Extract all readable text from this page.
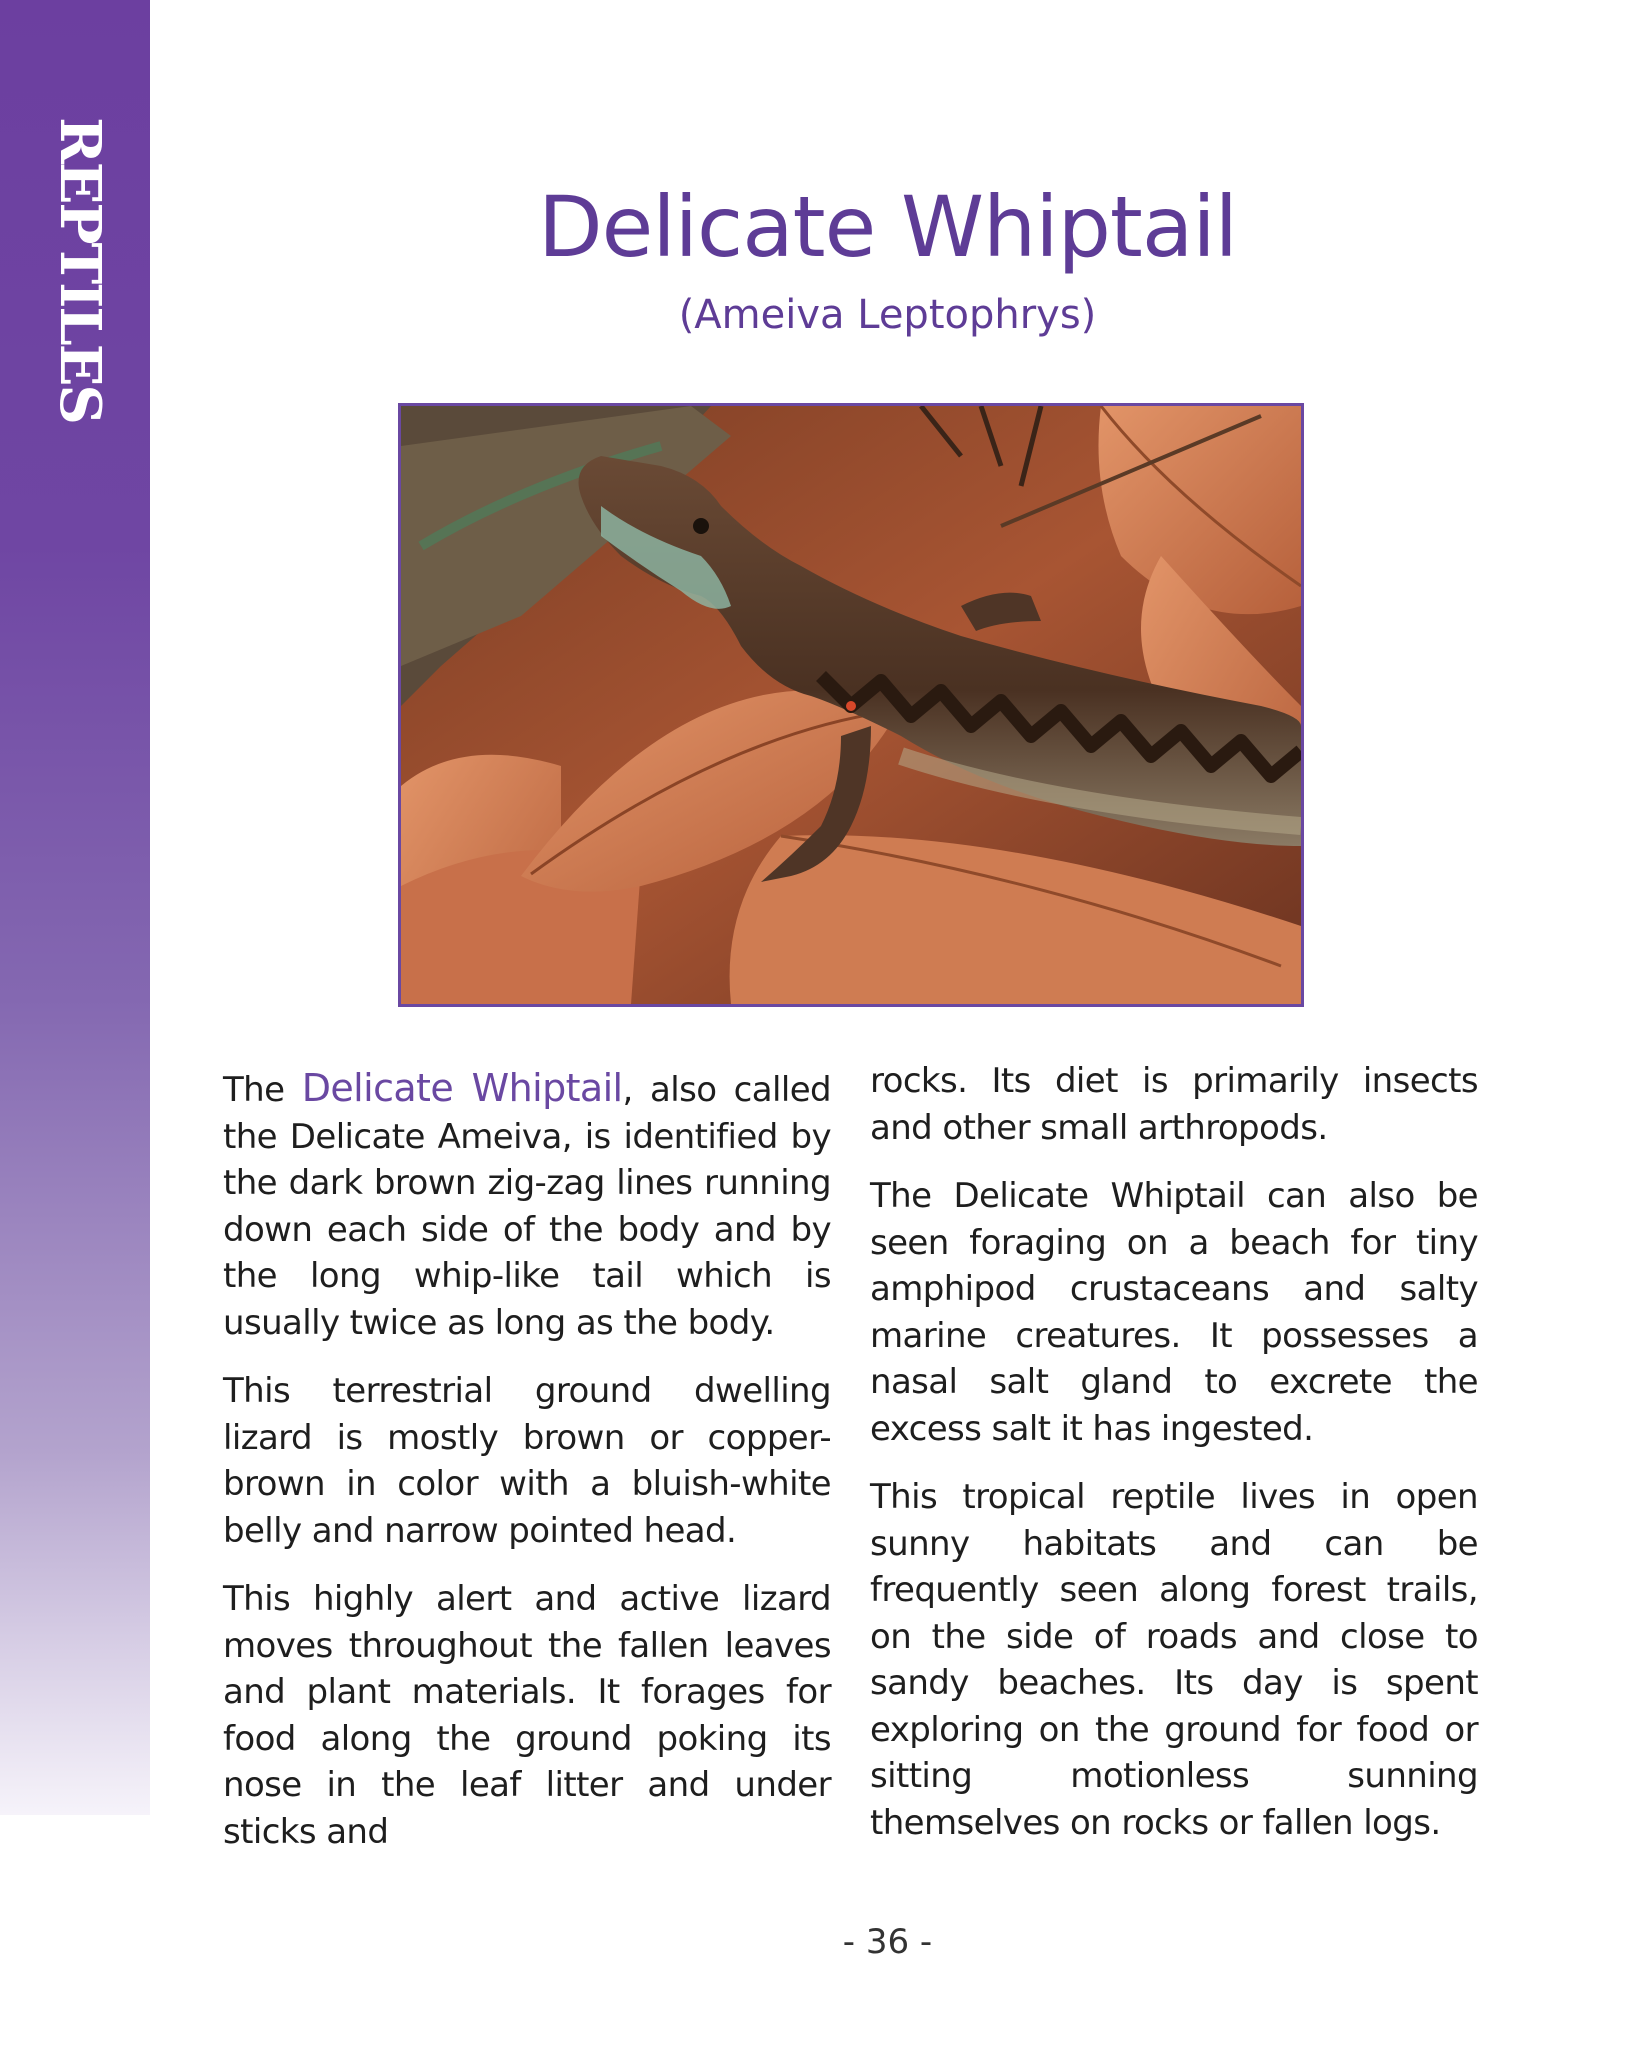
REPTILES	Delicate Whiptail
(Ameiva Leptophrys)

The Delicate Whiptail, also called the Delicate Ameiva, is identified by the dark brown zig-zag lines running down each side of the body and by the long whip-like tail which is usually twice as long as the body.

This terrestrial ground dwelling lizard is mostly brown or copper-brown in color with a bluish-white belly and narrow pointed head.

This highly alert and active lizard moves throughout the fallen leaves and plant materials. It forages for food along the ground poking its nose in the leaf litter and under sticks and

rocks. Its diet is primarily insects and other small arthropods.

The Delicate Whiptail can also be seen foraging on a beach for tiny amphipod crustaceans and salty marine creatures. It possesses a nasal salt gland to excrete the excess salt it has ingested.

This tropical reptile lives in open sunny habitats and can be frequently seen along forest trails, on the side of roads and close to sandy beaches. Its day is spent exploring on the ground for food or sitting motionless sunning themselves on rocks or fallen logs.

- 36 -
